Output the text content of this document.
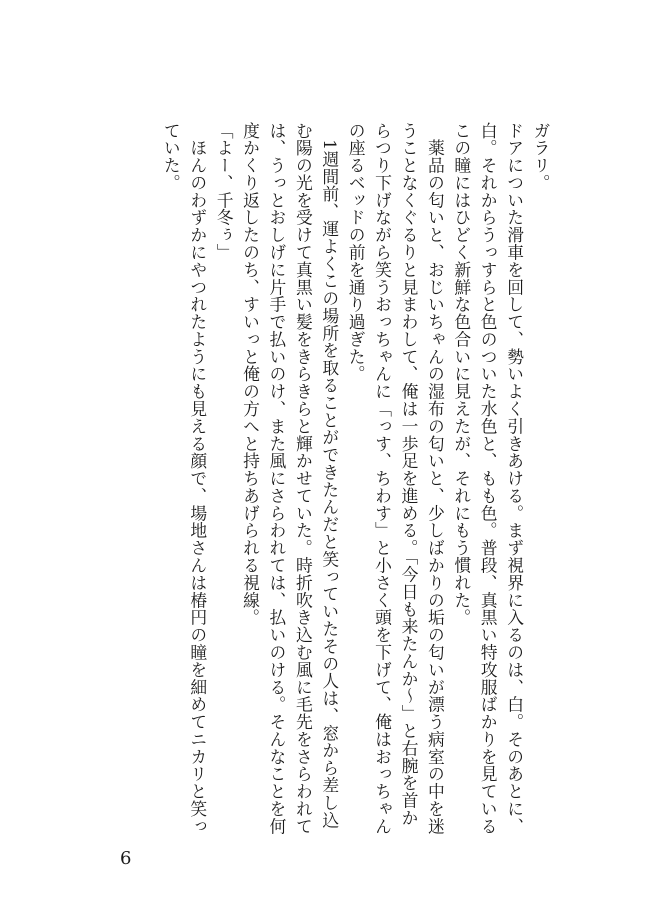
ガラリ。

ドアについた滑車を回して、勢いよく引きあける。まず視界に入るのは、白。そのあとに、白。それからうっすらと色のついた水色と、もも色。普段、真黒い特攻服ばかりを見ているこの瞳にはひどく新鮮な色合いに見えたが、それにもう慣れた。

　薬品の匂いと、おじいちゃんの湿布の匂いと、少しばかりの垢の匂いが漂う病室の中を迷うことなくぐるりと見まわして、俺は一歩足を進める。「今日も来たんか〜」と右腕を首からつり下げながら笑うおっちゃんに「っす、ちわす」と小さく頭を下げて、俺はおっちゃんの座るベッドの前を通り過ぎた。

　1週間前、運よくこの場所を取ることができたんだと笑っていたその人は、窓から差し込む陽の光を受けて真黒い髪をきらきらと輝かせていた。時折吹き込む風に毛先をさらわれては、うっとおしげに片手で払いのけ、また風にさらわれては、払いのける。そんなことを何度かくり返したのち、すいっと俺の方へと持ちあげられる視線。

「よー、千冬ぅ」

　ほんのわずかにやつれたようにも見える顔で、場地さんは椿円の瞳を細めてニカリと笑っていた。

6
